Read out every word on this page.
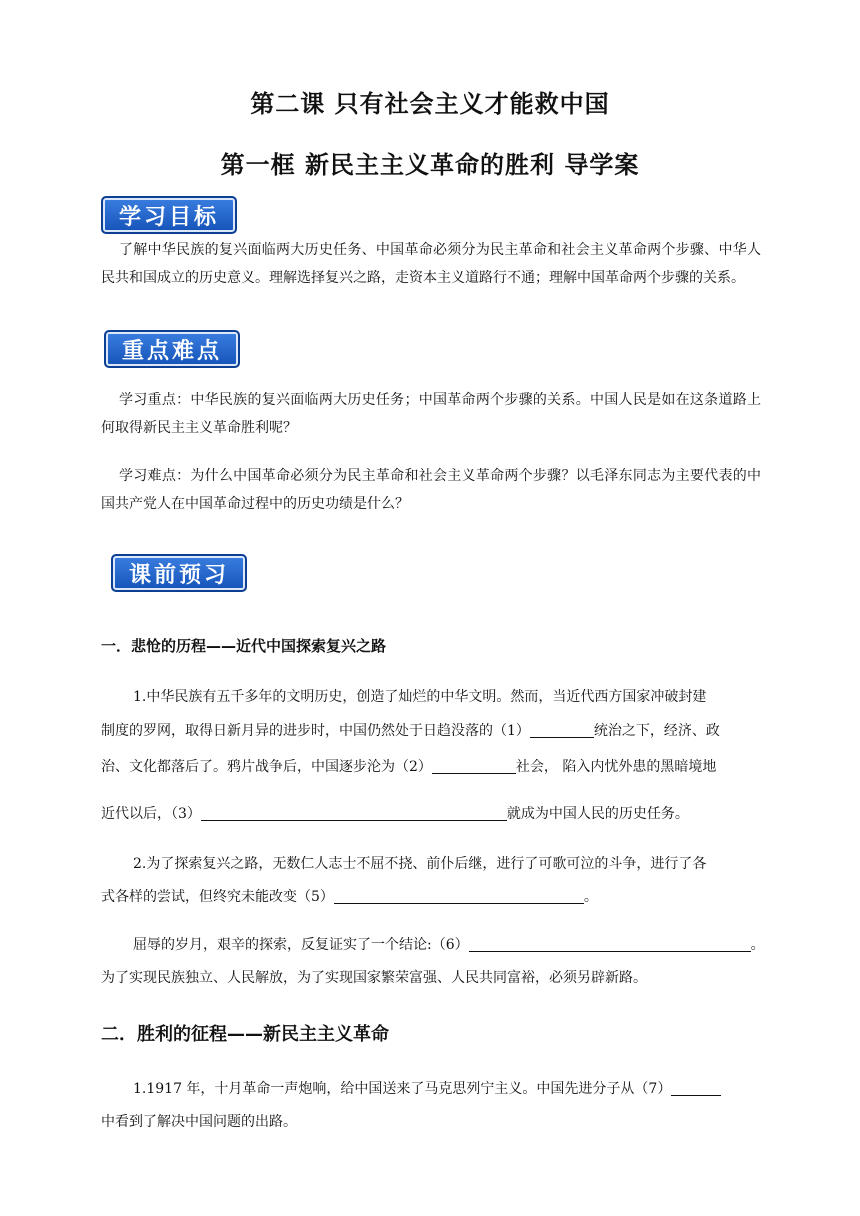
第二课 只有社会主义才能救中国
第一框 新民主主义革命的胜利 导学案
学习目标
了解中华民族的复兴面临两大历史任务、中国革命必须分为民主革命和社会主义革命两个步骤、中华人民共和国成立的历史意义。理解选择复兴之路，走资本主义道路行不通；理解中国革命两个步骤的关系。
重点难点
学习重点：中华民族的复兴面临两大历史任务；中国革命两个步骤的关系。中国人民是如在这条道路上何取得新民主主义革命胜利呢？
学习难点：为什么中国革命必须分为民主革命和社会主义革命两个步骤？以毛泽东同志为主要代表的中国共产党人在中国革命过程中的历史功绩是什么？
课前预习
一．悲怆的历程——近代中国探索复兴之路
1.中华民族有五千多年的文明历史，创造了灿烂的中华文明。然而，当近代西方国家冲破封建
制度的罗网，取得日新月异的进步时，中国仍然处于日趋没落的（1）	统治之下，经济、政
治、文化都落后了。鸦片战争后，中国逐步沦为（2）	社会， 陷入内忧外患的黑暗境地
近代以后，（3）	就成为中国人民的历史任务。
2.为了探索复兴之路，无数仁人志士不屈不挠、前仆后继，进行了可歌可泣的斗争，进行了各
式各样的尝试，但终究未能改变（5）	。
屈辱的岁月，艰辛的探索，反复证实了一个结论:（6）	。
为了实现民族独立、人民解放，为了实现国家繁荣富强、人民共同富裕，必须另辟新路。
二．胜利的征程——新民主主义革命
1.1917 年，十月革命一声炮响，给中国送来了马克思列宁主义。中国先进分子从（7）
中看到了解决中国问题的出路。
